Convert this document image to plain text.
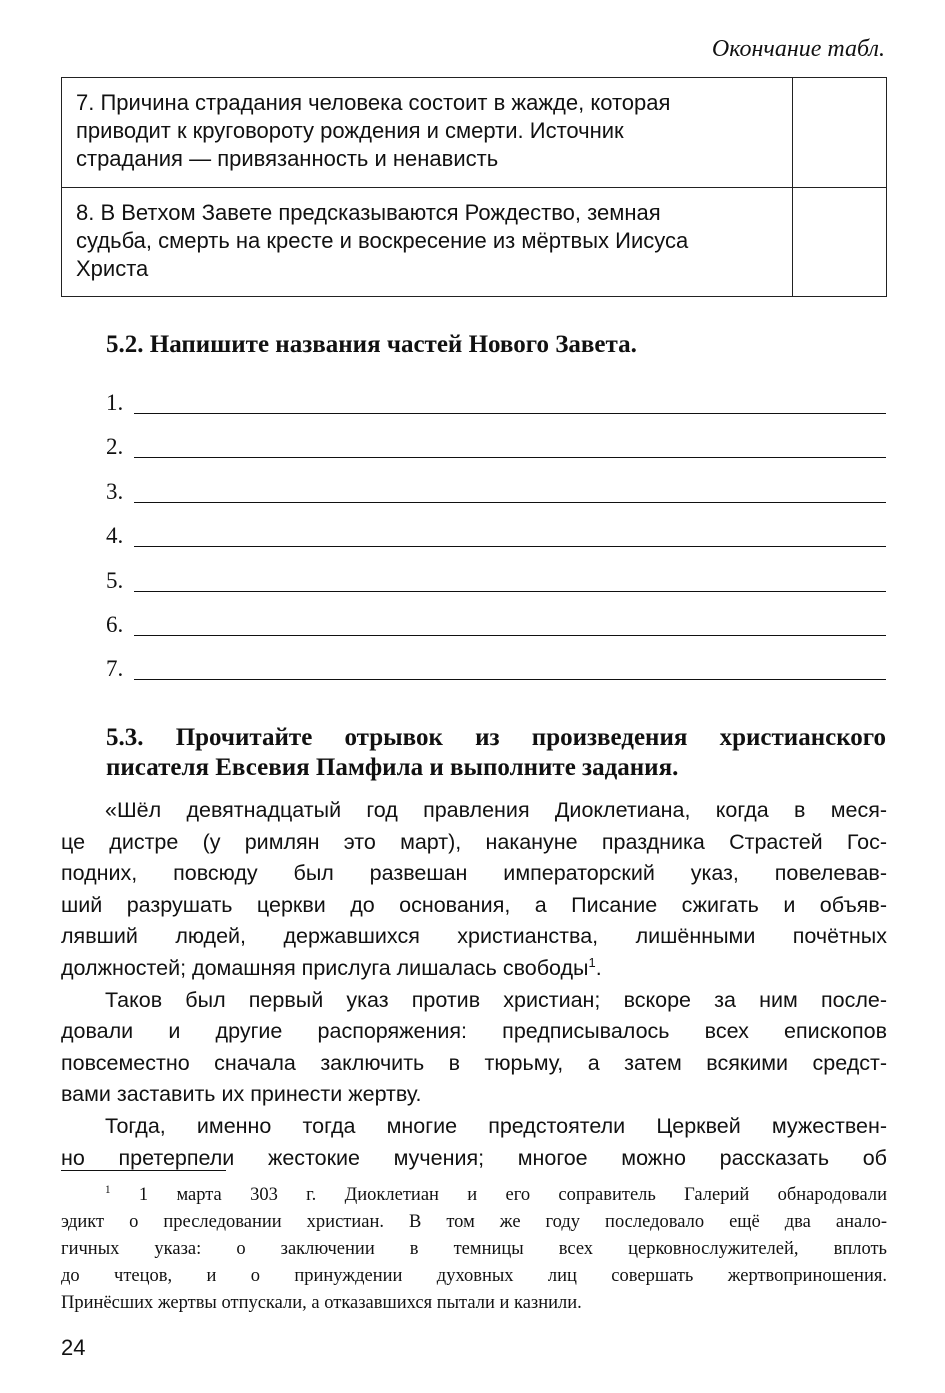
Окончание табл.
7. Причина страдания человека состоит в жажде, которая
приводит к круговороту рождения и смерти. Источник
страдания — привязанность и ненависть	

8. В Ветхом Завете предсказываются Рождество, земная
судьба, смерть на кресте и воскресение из мёртвых Иисуса
Христа	

5.2. Напишите названия частей Нового Завета.
1.
2.
3.
4.
5.
6.
7.
5.3. Прочитайте отрывок из произведения христианского
писателя Евсевия Памфила и выполните задания.
«Шёл девятнадцатый год правления Диоклетиана, когда в меся-
це дистре (у римлян это март), накануне праздника Страстей Гос-
подних, повсюду был развешан императорский указ, повелевав-
ший разрушать церкви до основания, а Писание сжигать и объяв-
лявший людей, державшихся христианства, лишёнными почётных
должностей; домашняя прислуга лишалась свободы$^1$.
Таков был первый указ против христиан; вскоре за ним после-
довали и другие распоряжения: предписывалось всех епископов
повсеместно сначала заключить в тюрьму, а затем всякими средст-
вами заставить их принести жертву.
Тогда, именно тогда многие предстоятели Церквей мужествен-
но претерпели жестокие мучения; многое можно рассказать об
$^1$ 1 марта 303 г. Диоклетиан и его соправитель Галерий обнародовали
эдикт о преследовании христиан. В том же году последовало ещё два анало-
гичных указа: о заключении в темницы всех церковнослужителей, вплоть
до чтецов, и о принуждении духовных лиц совершать жертвоприношения.
Принёсших жертвы отпускали, а отказавшихся пытали и казнили.
24
